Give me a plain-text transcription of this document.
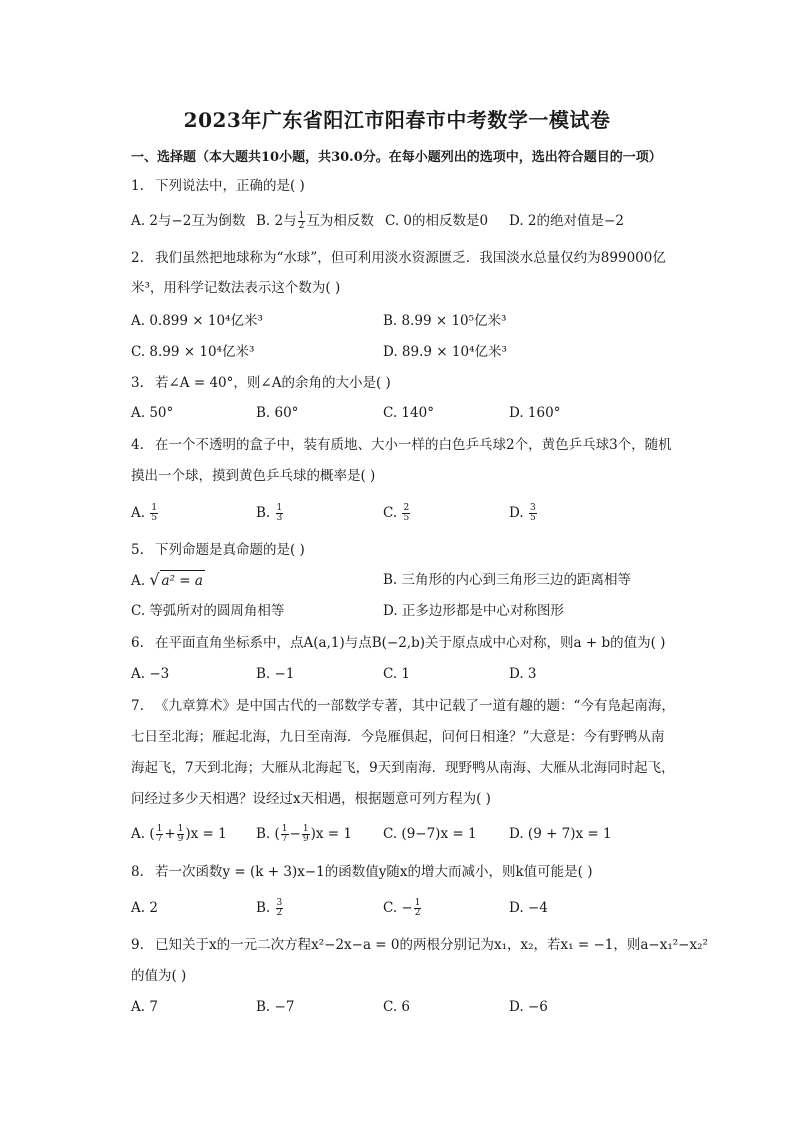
2023年广东省阳江市阳春市中考数学一模试卷
一、选择题（本大题共10小题，共30.0分。在每小题列出的选项中，选出符合题目的一项）
1. 下列说法中，正确的是( )
A. 2与−2互为倒数 B. 2与 $\frac{1}{2}$ 互为相反数 C. 0的相反数是0 D. 2的绝对值是−2
2. 我们虽然把地球称为“水球”，但可利用淡水资源匮乏．我国淡水总量仅约为899000亿
米³，用科学记数法表示这个数为( )
A. 0.899 × 10⁴亿米³	B. 8.99 × 10⁵亿米³
C. 8.99 × 10⁴亿米³	D. 89.9 × 10⁴亿米³
3. 若∠A = 40°，则∠A的余角的大小是( )
A. 50°	B. 60°	C. 140°	D. 160°
4. 在一个不透明的盒子中，装有质地、大小一样的白色乒乓球2个，黄色乒乓球3个，随机
摸出一个球，摸到黄色乒乓球的概率是( )
A. $\frac{1}{5}$	B. $\frac{1}{3}$	C. $\frac{2}{5}$	D. $\frac{3}{5}$
5. 下列命题是真命题的是( )
A. √ a² = a	B. 三角形的内心到三角形三边的距离相等
C. 等弧所对的圆周角相等	D. 正多边形都是中心对称图形
6. 在平面直角坐标系中，点A(a,1)与点B(−2,b)关于原点成中心对称，则a + b的值为( )
A. −3	B. −1	C. 1	D. 3
7. 《九章算术》是中国古代的一部数学专著，其中记载了一道有趣的题：“今有凫起南海，
七日至北海；雁起北海，九日至南海．今凫雁俱起，问何日相逢？”大意是：今有野鸭从南
海起飞，7天到北海；大雁从北海起飞，9天到南海．现野鸭从南海、大雁从北海同时起飞，
问经过多少天相遇？设经过x天相遇，根据题意可列方程为( )
A. ( $\frac{1}{7} + \frac{1}{9} )x = 1$ B. ( $\frac{1}{7} - \frac{1}{9} )x = 1$ C. (9−7)x = 1 D. (9 + 7)x = 1
8. 若一次函数y = (k + 3)x−1的函数值y随x的增大而减小，则k值可能是( )
A. 2	B. $\frac{3}{2}$	C. − $\frac{1}{2}$	D. −4
9. 已知关于x的一元二次方程x²−2x−a = 0的两根分别记为x₁，x₂，若x₁ = −1，则a−x₁²−x₂²
的值为( )
A. 7	B. −7	C. 6	D. −6
